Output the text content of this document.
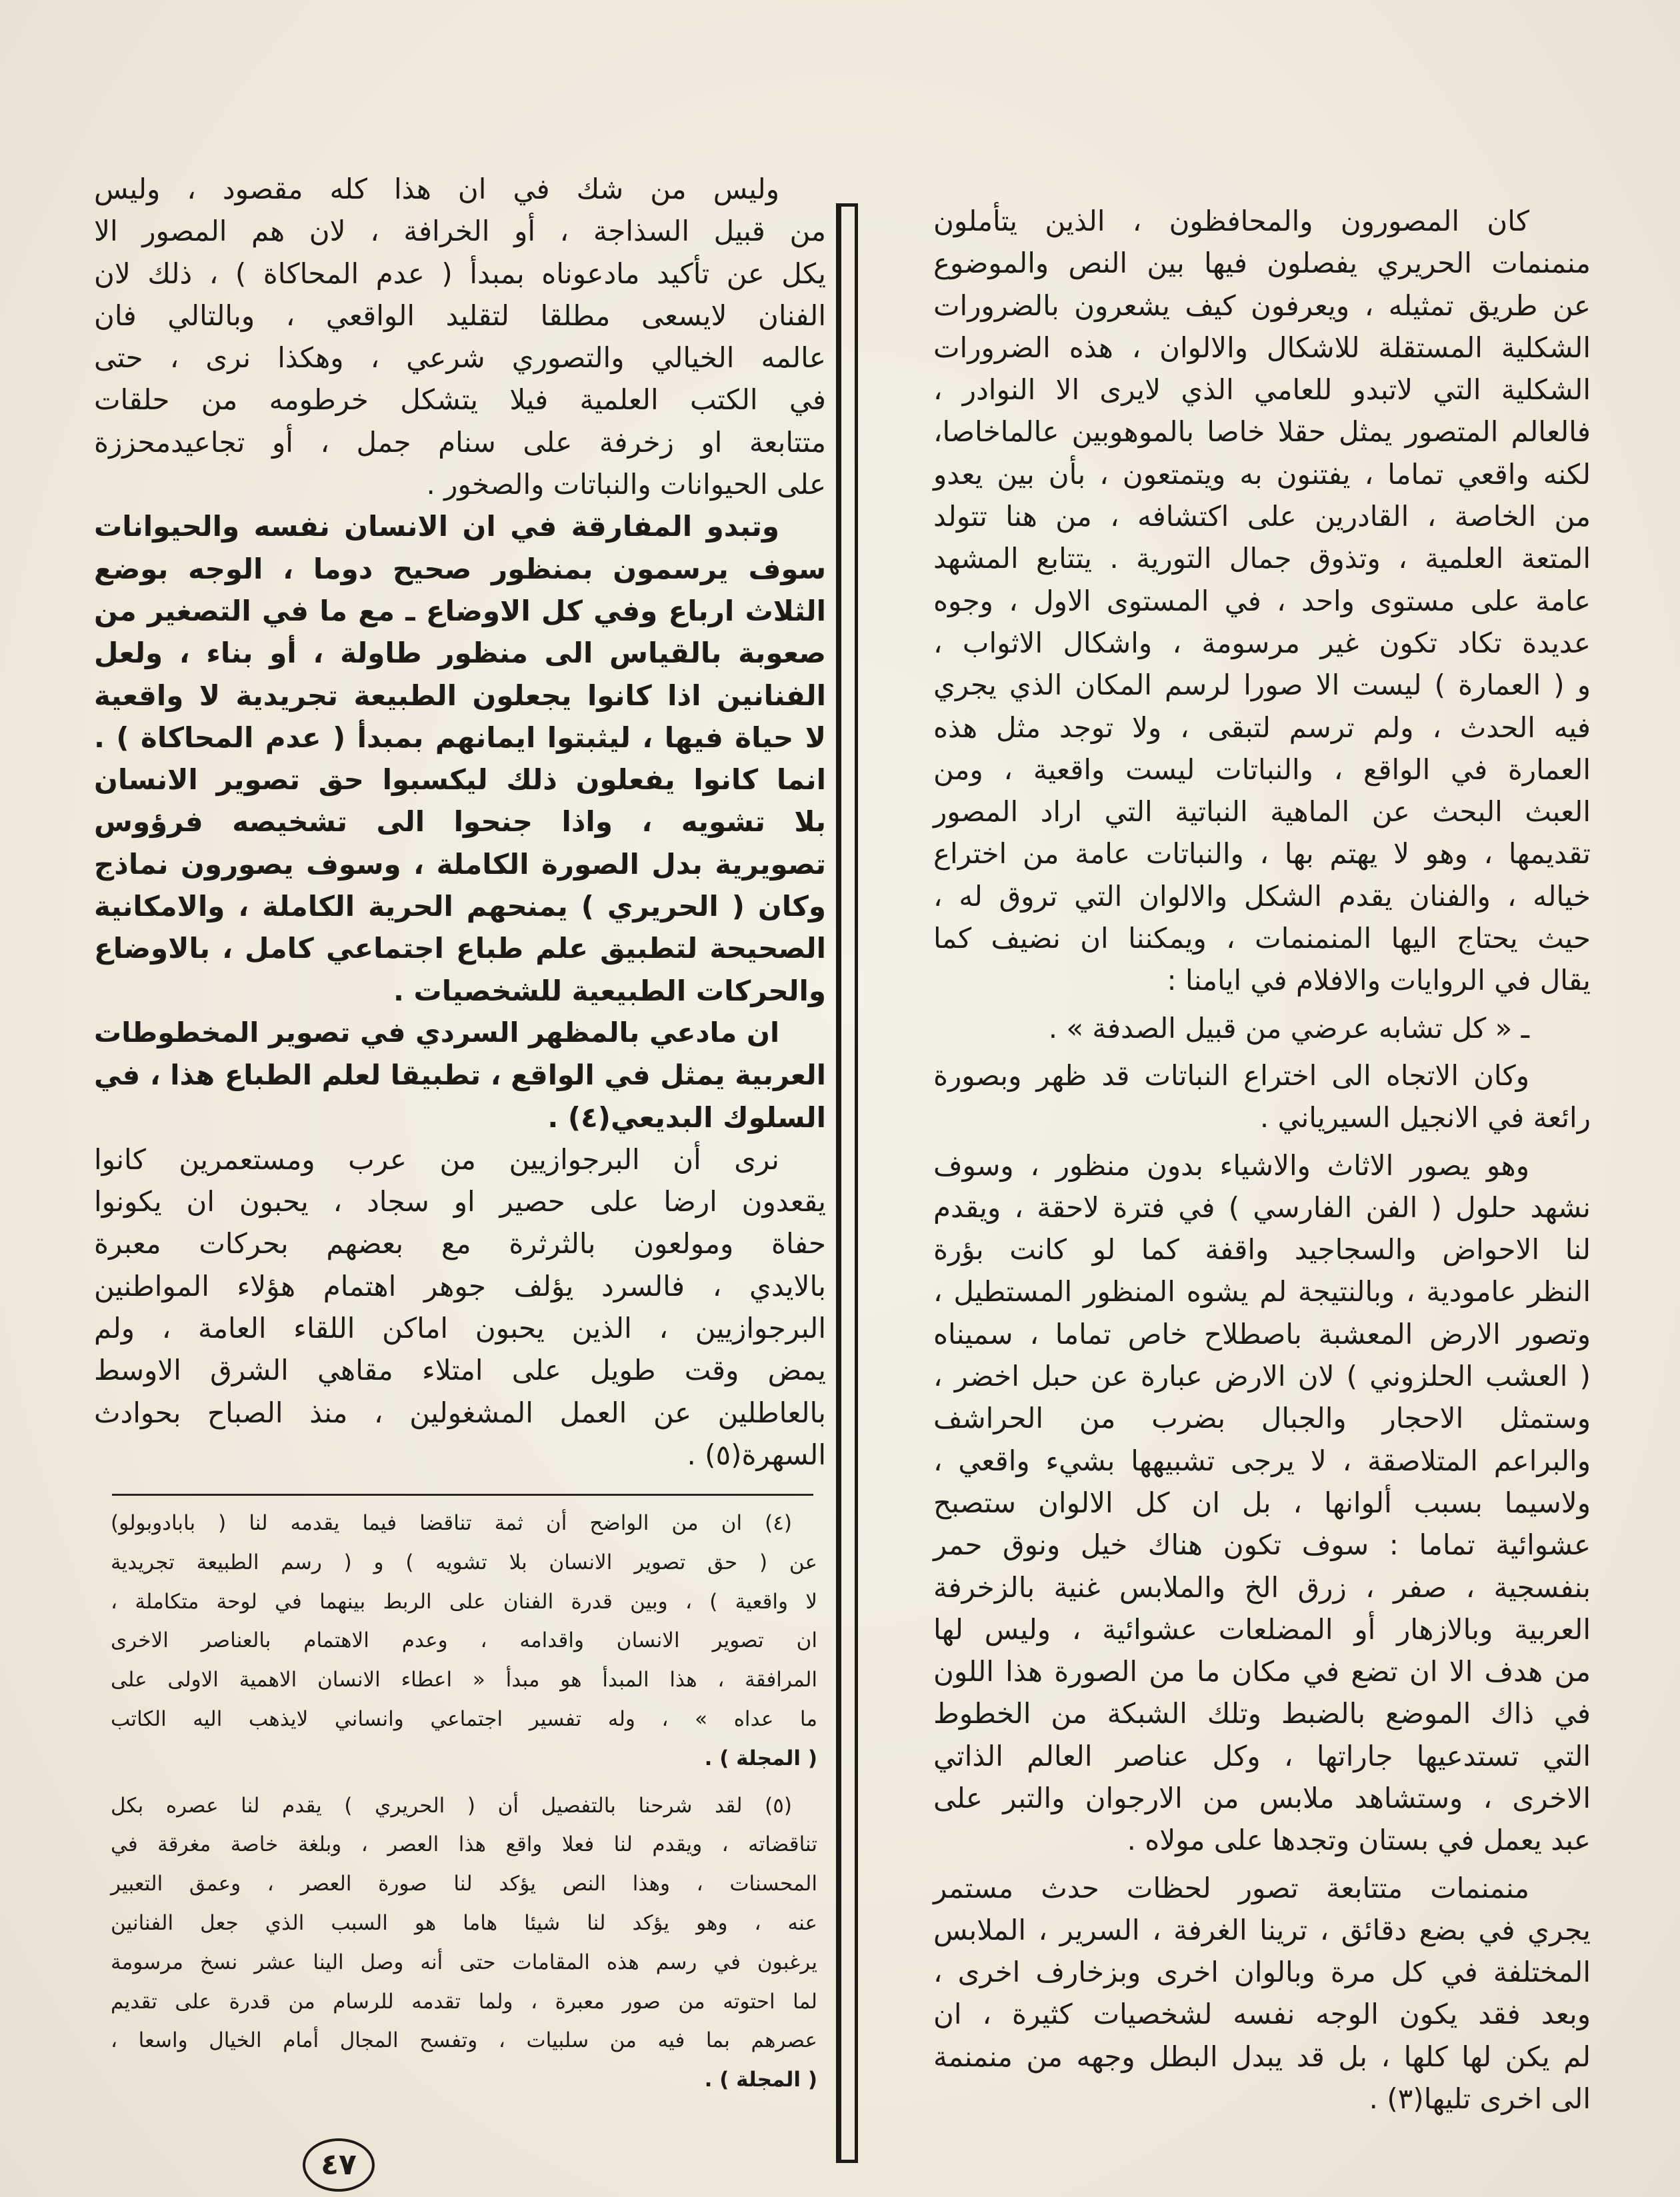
كان المصورون والمحافظون ، الذين يتأملون
منمنمات الحريري يفصلون فيها بين النص والموضوع
عن طريق تمثيله ، ويعرفون كيف يشعرون بالضرورات
الشكلية المستقلة للاشكال والالوان ، هذه الضرورات
الشكلية التي لاتبدو للعامي الذي لايرى الا النوادر ،
فالعالم المتصور يمثل حقلا خاصا بالموهوبين عالماخاصا،
لكنه واقعي تماما ، يفتنون به ويتمتعون ، بأن بين يعدو
من الخاصة ، القادرين على اكتشافه ، من هنا تتولد
المتعة العلمية ، وتذوق جمال التورية . يتتابع المشهد
عامة على مستوى واحد ، في المستوى الاول ، وجوه
عديدة تكاد تكون غير مرسومة ، واشكال الاثواب ،
و ( العمارة ) ليست الا صورا لرسم المكان الذي يجري
فيه الحدث ، ولم ترسم لتبقى ، ولا توجد مثل هذه
العمارة في الواقع ، والنباتات ليست واقعية ، ومن
العبث البحث عن الماهية النباتية التي اراد المصور
تقديمها ، وهو لا يهتم بها ، والنباتات عامة من اختراع
خياله ، والفنان يقدم الشكل والالوان التي تروق له ،
حيث يحتاج اليها المنمنمات ، ويمكننا ان نضيف كما
يقال في الروايات والافلام في ايامنا :
ـ « كل تشابه عرضي من قبيل الصدفة » .
وكان الاتجاه الى اختراع النباتات قد ظهر وبصورة
رائعة في الانجيل السيرياني .
وهو يصور الاثاث والاشياء بدون منظور ، وسوف
نشهد حلول ( الفن الفارسي ) في فترة لاحقة ، ويقدم
لنا الاحواض والسجاجيد واقفة كما لو كانت بؤرة
النظر عامودية ، وبالنتيجة لم يشوه المنظور المستطيل ،
وتصور الارض المعشبة باصطلاح خاص تماما ، سميناه
( العشب الحلزوني ) لان الارض عبارة عن حبل اخضر ،
وستمثل الاحجار والجبال بضرب من الحراشف
والبراعم المتلاصقة ، لا يرجى تشبيهها بشيء واقعي ،
ولاسيما بسبب ألوانها ، بل ان كل الالوان ستصبح
عشوائية تماما : سوف تكون هناك خيل ونوق حمر
بنفسجية ، صفر ، زرق الخ والملابس غنية بالزخرفة
العربية وبالازهار أو المضلعات عشوائية ، وليس لها
من هدف الا ان تضع في مكان ما من الصورة هذا اللون
في ذاك الموضع بالضبط وتلك الشبكة من الخطوط
التي تستدعيها جاراتها ، وكل عناصر العالم الذاتي
الاخرى ، وستشاهد ملابس من الارجوان والتبر على
عبد يعمل في بستان وتجدها على مولاه .
منمنمات متتابعة تصور لحظات حدث مستمر
يجري في بضع دقائق ، ترينا الغرفة ، السرير ، الملابس
المختلفة في كل مرة وبالوان اخرى وبزخارف اخرى ،
وبعد فقد يكون الوجه نفسه لشخصيات كثيرة ، ان
لم يكن لها كلها ، بل قد يبدل البطل وجهه من منمنمة
الى اخرى تليها(٣) .
وليس من شك في ان هذا كله مقصود ، وليس
من قبيل السذاجة ، أو الخرافة ، لان هم المصور الا
يكل عن تأكيد مادعوناه بمبدأ ( عدم المحاكاة ) ، ذلك لان
الفنان لايسعى مطلقا لتقليد الواقعي ، وبالتالي فان
عالمه الخيالي والتصوري شرعي ، وهكذا نرى ، حتى
في الكتب العلمية فيلا يتشكل خرطومه من حلقات
متتابعة او زخرفة على سنام جمل ، أو تجاعيدمحززة
على الحيوانات والنباتات والصخور .
وتبدو المفارقة في ان الانسان نفسه والحيوانات
سوف يرسمون بمنظور صحيح دوما ، الوجه بوضع
الثلاث ارباع وفي كل الاوضاع ـ مع ما في التصغير من
صعوبة بالقياس الى منظور طاولة ، أو بناء ، ولعل
الفنانين اذا كانوا يجعلون الطبيعة تجريدية لا واقعية
لا حياة فيها ، ليثبتوا ايمانهم بمبدأ ( عدم المحاكاة ) .
انما كانوا يفعلون ذلك ليكسبوا حق تصوير الانسان
بلا تشويه ، واذا جنحوا الى تشخيصه فرؤوس
تصويرية بدل الصورة الكاملة ، وسوف يصورون نماذج
وكان ( الحريري ) يمنحهم الحرية الكاملة ، والامكانية
الصحيحة لتطبيق علم طباع اجتماعي كامل ، بالاوضاع
والحركات الطبيعية للشخصيات .
ان مادعي بالمظهر السردي في تصوير المخطوطات
العربية يمثل في الواقع ، تطبيقا لعلم الطباع هذا ، في
السلوك البديعي(٤) .
نرى أن البرجوازيين من عرب ومستعمرين كانوا
يقعدون ارضا على حصير او سجاد ، يحبون ان يكونوا
حفاة ومولعون بالثرثرة مع بعضهم بحركات معبرة
بالايدي ، فالسرد يؤلف جوهر اهتمام هؤلاء المواطنين
البرجوازيين ، الذين يحبون اماكن اللقاء العامة ، ولم
يمض وقت طويل على امتلاء مقاهي الشرق الاوسط
بالعاطلين عن العمل المشغولين ، منذ الصباح بحوادث
السهرة(٥) .
(٤) ان من الواضح أن ثمة تناقضا فيما يقدمه لنا ( بابادوبولو)
عن ( حق تصوير الانسان بلا تشويه ) و ( رسم الطبيعة تجريدية
لا واقعية ) ، وبين قدرة الفنان على الربط بينهما في لوحة متكاملة ،
ان تصوير الانسان واقدامه ، وعدم الاهتمام بالعناصر الاخرى
المرافقة ، هذا المبدأ هو مبدأ « اعطاء الانسان الاهمية الاولى على
ما عداه » ، وله تفسير اجتماعي وانساني لايذهب اليه الكاتب
( المجلة ) .
(٥) لقد شرحنا بالتفصيل أن ( الحريري ) يقدم لنا عصره بكل
تناقضاته ، ويقدم لنا فعلا واقع هذا العصر ، وبلغة خاصة مغرقة في
المحسنات ، وهذا النص يؤكد لنا صورة العصر ، وعمق التعبير
عنه ، وهو يؤكد لنا شيئا هاما هو السبب الذي جعل الفنانين
يرغبون في رسم هذه المقامات حتى أنه وصل الينا عشر نسخ مرسومة
لما احتوته من صور معبرة ، ولما تقدمه للرسام من قدرة على تقديم
عصرهم بما فيه من سلبيات ، وتفسح المجال أمام الخيال واسعا ،
( المجلة ) .
٤٧
